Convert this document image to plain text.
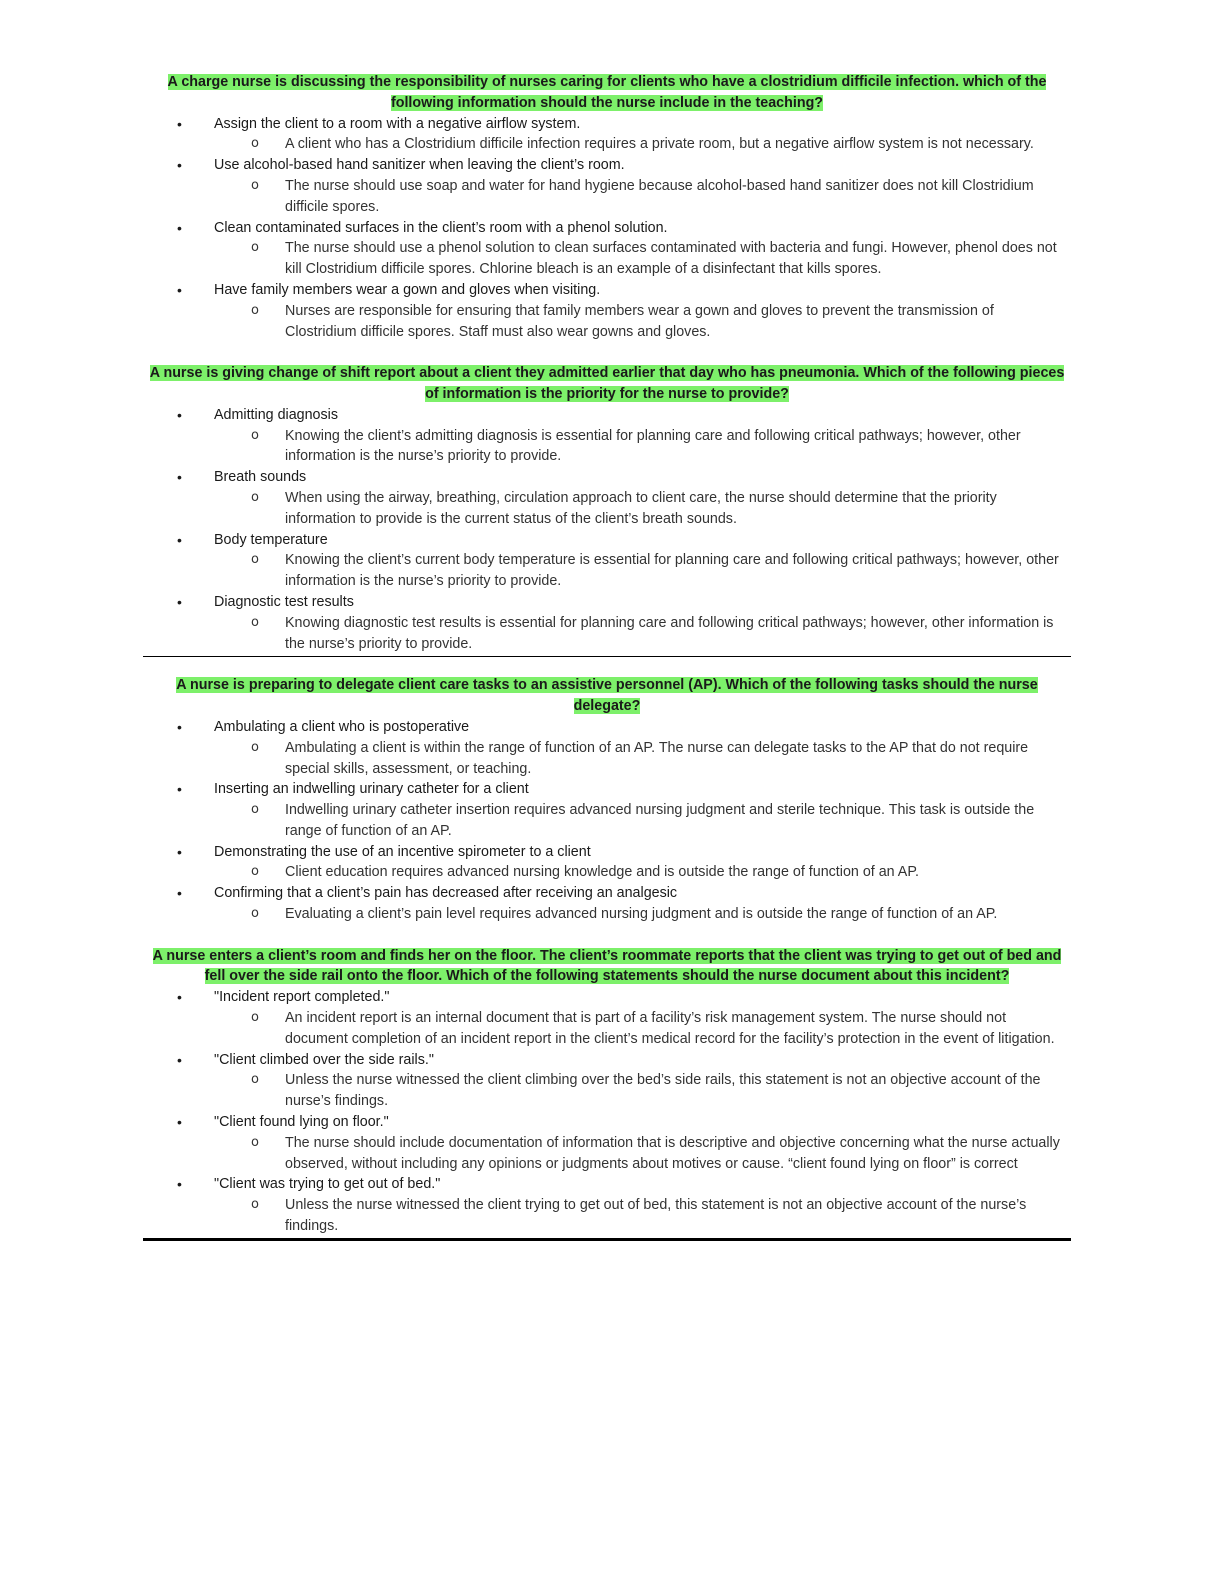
A charge nurse is discussing the responsibility of nurses caring for clients who have a clostridium difficile infection. which of the following information should the nurse include in the teaching?

• Assign the client to a room with a negative airflow system.
o A client who has a Clostridium difficile infection requires a private room, but a negative airflow system is not necessary.
• Use alcohol-based hand sanitizer when leaving the client’s room.
o The nurse should use soap and water for hand hygiene because alcohol-based hand sanitizer does not kill Clostridium difficile spores.
• Clean contaminated surfaces in the client’s room with a phenol solution.
o The nurse should use a phenol solution to clean surfaces contaminated with bacteria and fungi. However, phenol does not kill Clostridium difficile spores. Chlorine bleach is an example of a disinfectant that kills spores.
• Have family members wear a gown and gloves when visiting.
o Nurses are responsible for ensuring that family members wear a gown and gloves to prevent the transmission of Clostridium difficile spores. Staff must also wear gowns and gloves.

A nurse is giving change of shift report about a client they admitted earlier that day who has pneumonia. Which of the following pieces of information is the priority for the nurse to provide?

• Admitting diagnosis
o Knowing the client’s admitting diagnosis is essential for planning care and following critical pathways; however, other information is the nurse’s priority to provide.
• Breath sounds
o When using the airway, breathing, circulation approach to client care, the nurse should determine that the priority information to provide is the current status of the client’s breath sounds.
• Body temperature
o Knowing the client’s current body temperature is essential for planning care and following critical pathways; however, other information is the nurse’s priority to provide.
• Diagnostic test results
o Knowing diagnostic test results is essential for planning care and following critical pathways; however, other information is the nurse’s priority to provide.

A nurse is preparing to delegate client care tasks to an assistive personnel (AP). Which of the following tasks should the nurse delegate?

• Ambulating a client who is postoperative
o Ambulating a client is within the range of function of an AP. The nurse can delegate tasks to the AP that do not require special skills, assessment, or teaching.
• Inserting an indwelling urinary catheter for a client
o Indwelling urinary catheter insertion requires advanced nursing judgment and sterile technique. This task is outside the range of function of an AP.
• Demonstrating the use of an incentive spirometer to a client
o Client education requires advanced nursing knowledge and is outside the range of function of an AP.
• Confirming that a client’s pain has decreased after receiving an analgesic
o Evaluating a client’s pain level requires advanced nursing judgment and is outside the range of function of an AP.

A nurse enters a client’s room and finds her on the floor. The client’s roommate reports that the client was trying to get out of bed and fell over the side rail onto the floor. Which of the following statements should the nurse document about this incident?

• "Incident report completed."
o An incident report is an internal document that is part of a facility’s risk management system. The nurse should not document completion of an incident report in the client’s medical record for the facility’s protection in the event of litigation.
• "Client climbed over the side rails."
o Unless the nurse witnessed the client climbing over the bed’s side rails, this statement is not an objective account of the nurse’s findings.
• "Client found lying on floor."
o The nurse should include documentation of information that is descriptive and objective concerning what the nurse actually observed, without including any opinions or judgments about motives or cause. “client found lying on floor” is correct
• "Client was trying to get out of bed."
o Unless the nurse witnessed the client trying to get out of bed, this statement is not an objective account of the nurse’s findings.
